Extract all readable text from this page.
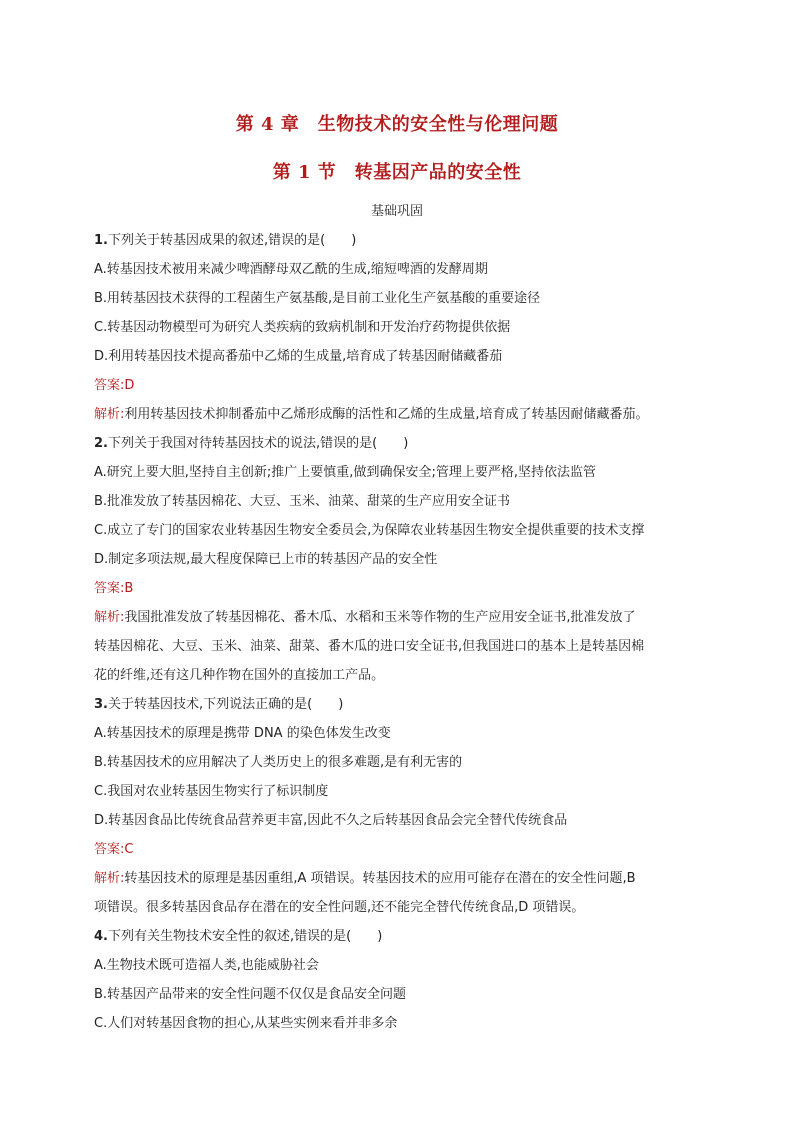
第 4 章　生物技术的安全性与伦理问题
第 1 节　转基因产品的安全性
基础巩固
1.下列关于转基因成果的叙述,错误的是(　　)
A.转基因技术被用来减少啤酒酵母双乙酰的生成,缩短啤酒的发酵周期
B.用转基因技术获得的工程菌生产氨基酸,是目前工业化生产氨基酸的重要途径
C.转基因动物模型可为研究人类疾病的致病机制和开发治疗药物提供依据
D.利用转基因技术提高番茄中乙烯的生成量,培育成了转基因耐储藏番茄
答案:D
解析:利用转基因技术抑制番茄中乙烯形成酶的活性和乙烯的生成量,培育成了转基因耐储藏番茄。
2.下列关于我国对待转基因技术的说法,错误的是(　　)
A.研究上要大胆,坚持自主创新;推广上要慎重,做到确保安全;管理上要严格,坚持依法监管
B.批准发放了转基因棉花、大豆、玉米、油菜、甜菜的生产应用安全证书
C.成立了专门的国家农业转基因生物安全委员会,为保障农业转基因生物安全提供重要的技术支撑
D.制定多项法规,最大程度保障已上市的转基因产品的安全性
答案:B
解析:我国批准发放了转基因棉花、番木瓜、水稻和玉米等作物的生产应用安全证书,批准发放了
转基因棉花、大豆、玉米、油菜、甜菜、番木瓜的进口安全证书,但我国进口的基本上是转基因棉
花的纤维,还有这几种作物在国外的直接加工产品。
3.关于转基因技术,下列说法正确的是(　　)
A.转基因技术的原理是携带 DNA 的染色体发生改变
B.转基因技术的应用解决了人类历史上的很多难题,是有利无害的
C.我国对农业转基因生物实行了标识制度
D.转基因食品比传统食品营养更丰富,因此不久之后转基因食品会完全替代传统食品
答案:C
解析:转基因技术的原理是基因重组,A 项错误。转基因技术的应用可能存在潜在的安全性问题,B
项错误。很多转基因食品存在潜在的安全性问题,还不能完全替代传统食品,D 项错误。
4.下列有关生物技术安全性的叙述,错误的是(　　)
A.生物技术既可造福人类,也能威胁社会
B.转基因产品带来的安全性问题不仅仅是食品安全问题
C.人们对转基因食物的担心,从某些实例来看并非多余
